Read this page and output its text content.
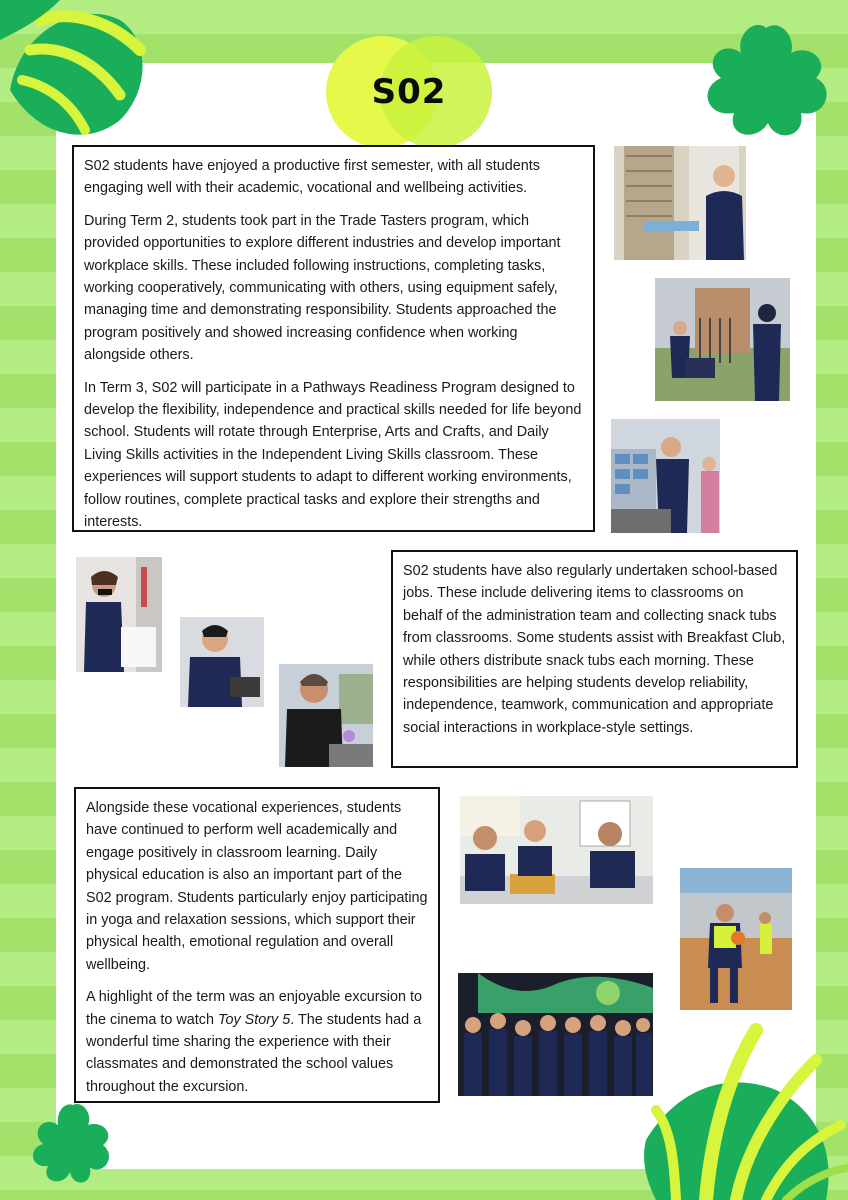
S02

S02 students have enjoyed a productive first semester, with all students engaging well with their academic, vocational and wellbeing activities.

During Term 2, students took part in the Trade Tasters program, which provided opportunities to explore different industries and develop important workplace skills. These included following instructions, completing tasks, working cooperatively, communicating with others, using equipment safely, managing time and demonstrating responsibility. Students approached the program positively and showed increasing confidence when working alongside others.

In Term 3, S02 will participate in a Pathways Readiness Program designed to develop the flexibility, independence and practical skills needed for life beyond school. Students will rotate through Enterprise, Arts and Crafts, and Daily Living Skills activities in the Independent Living Skills classroom. These experiences will support students to adapt to different working environments, follow routines, complete practical tasks and explore their strengths and interests.

S02 students have also regularly undertaken school-based jobs. These include delivering items to classrooms on behalf of the administration team and collecting snack tubs from classrooms. Some students assist with Breakfast Club, while others distribute snack tubs each morning. These responsibilities are helping students develop reliability, independence, teamwork, communication and appropriate social interactions in workplace-style settings.

Alongside these vocational experiences, students have continued to perform well academically and engage positively in classroom learning. Daily physical education is also an important part of the S02 program. Students particularly enjoy participating in yoga and relaxation sessions, which support their physical health, emotional regulation and overall wellbeing.

A highlight of the term was an enjoyable excursion to the cinema to watch Toy Story 5. The students had a wonderful time sharing the experience with their classmates and demonstrated the school values throughout the excursion.
